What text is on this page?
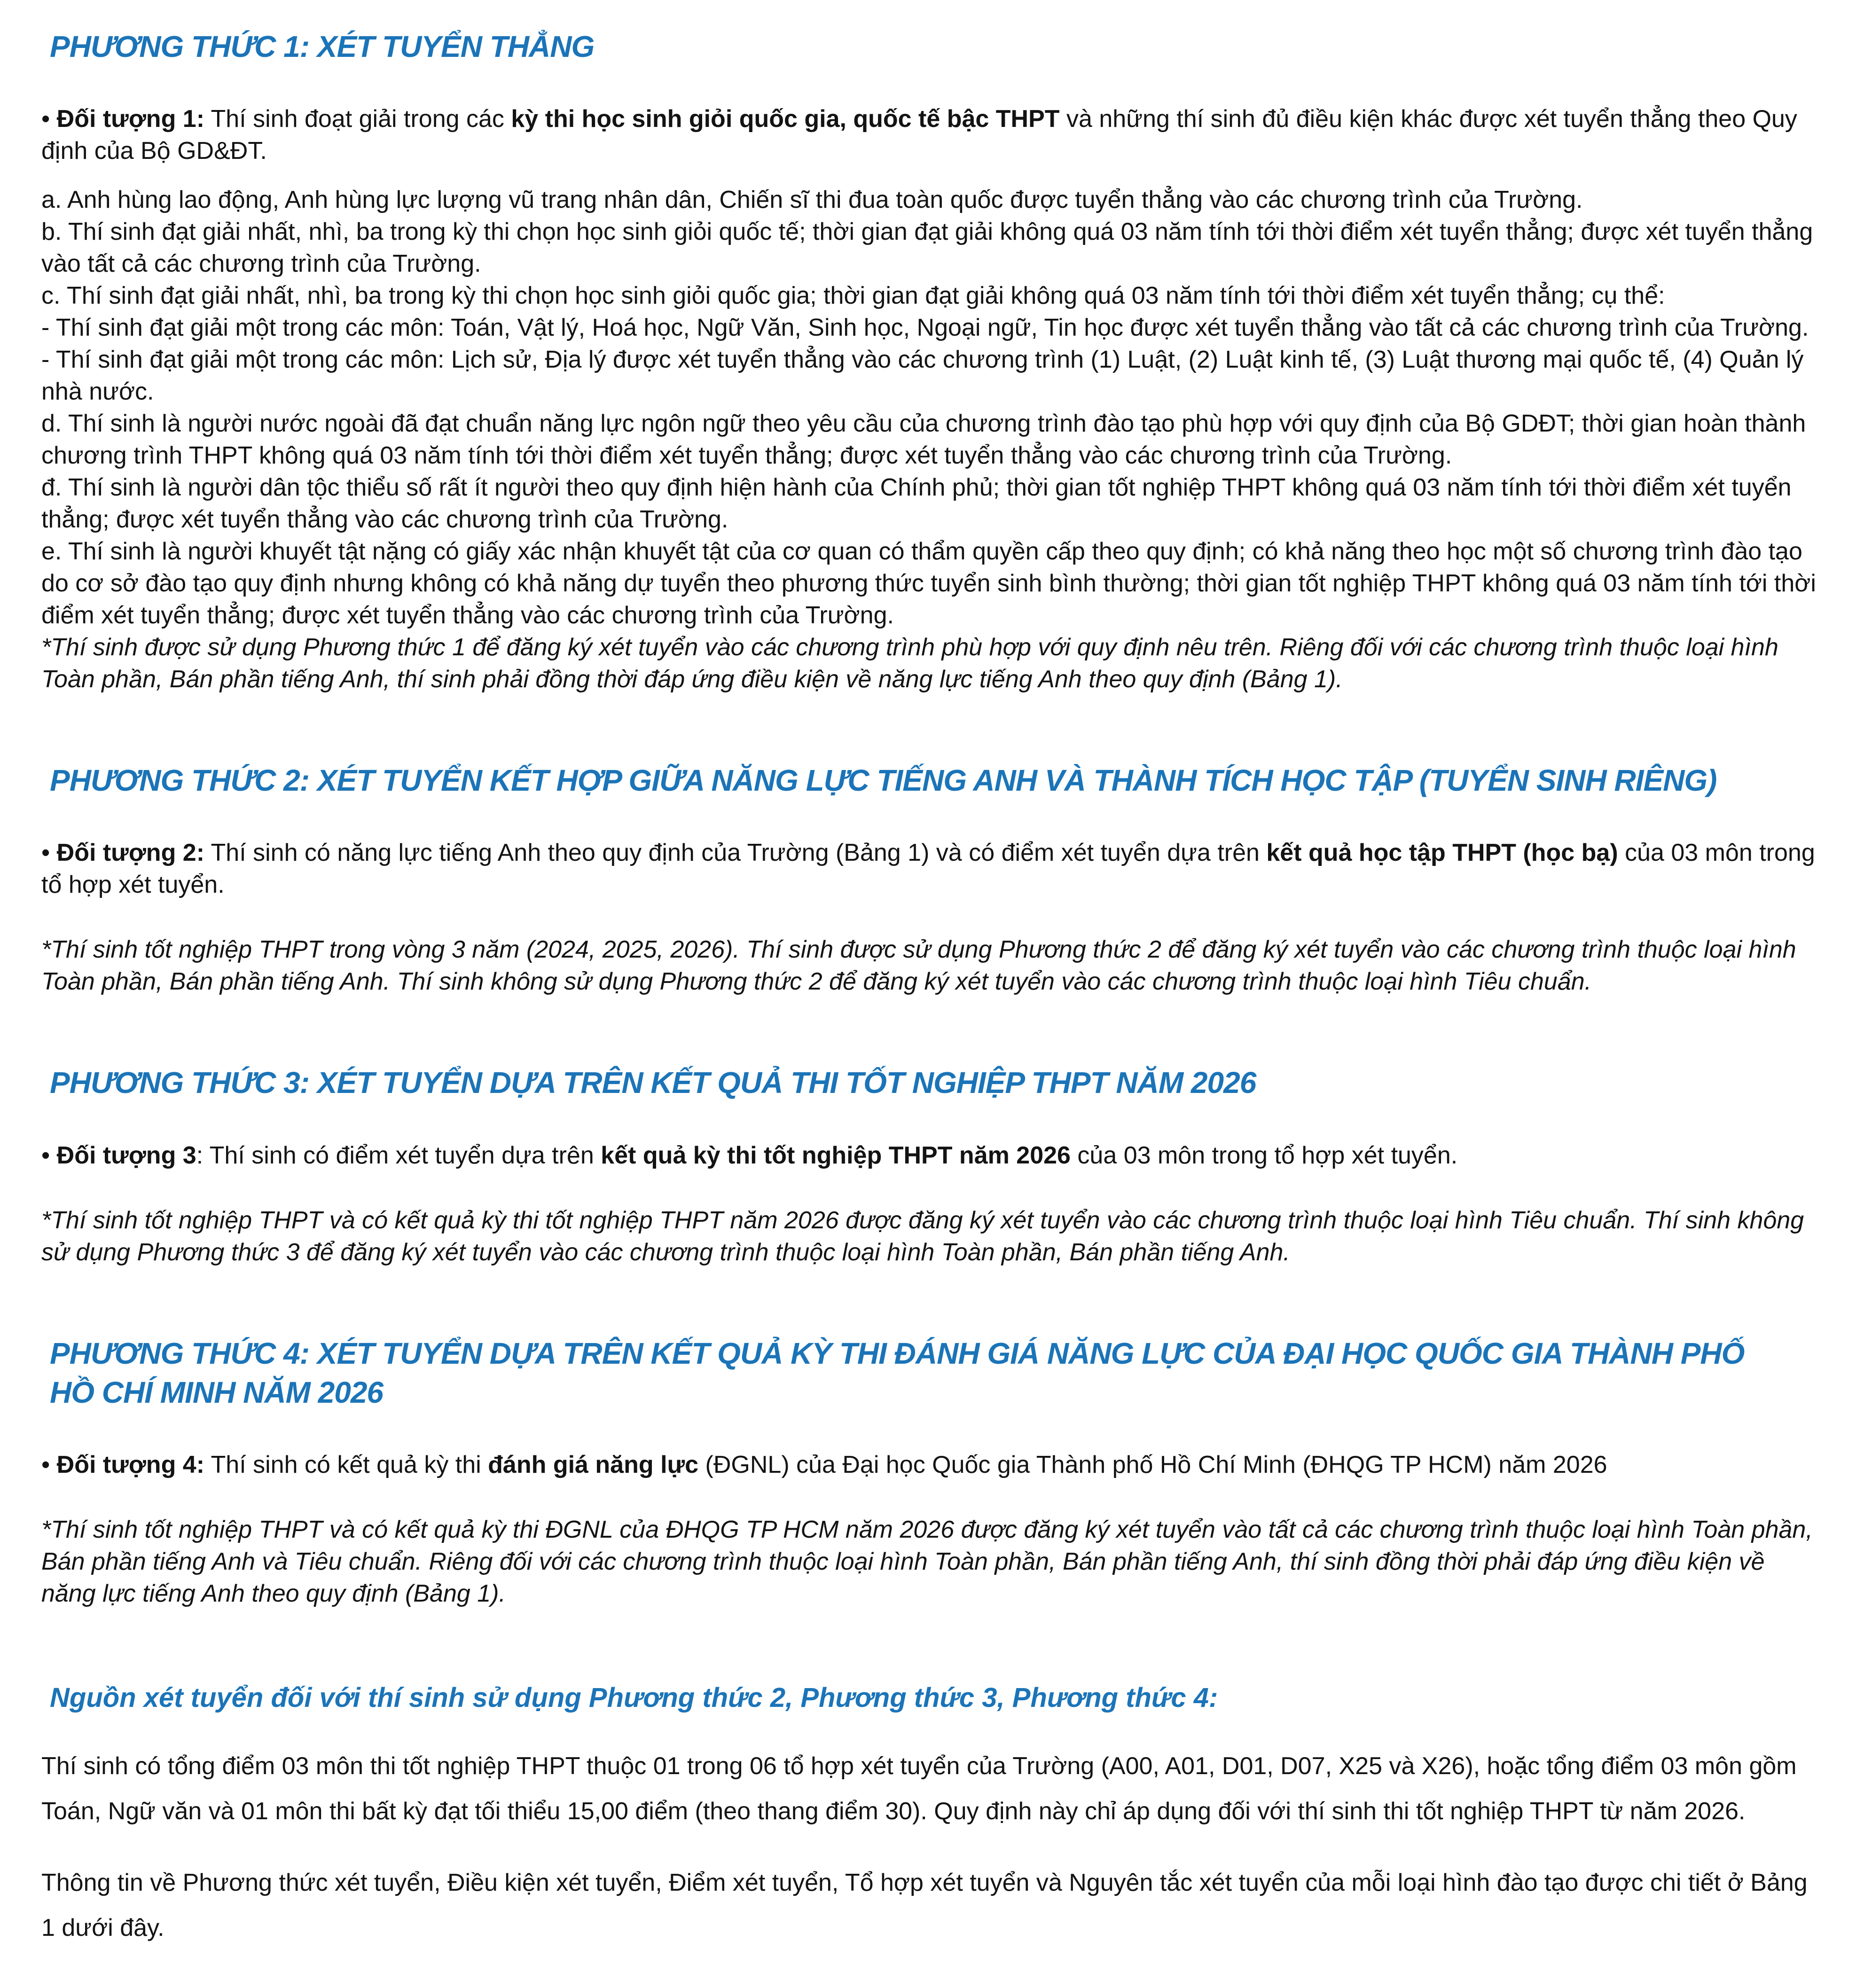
PHƯƠNG THỨC 1: XÉT TUYỂN THẲNG

• Đối tượng 1: Thí sinh đoạt giải trong các kỳ thi học sinh giỏi quốc gia, quốc tế bậc THPT và những thí sinh đủ điều kiện khác được xét tuyển thẳng theo Quy định của Bộ GD&ĐT.

a. Anh hùng lao động, Anh hùng lực lượng vũ trang nhân dân, Chiến sĩ thi đua toàn quốc được tuyển thẳng vào các chương trình của Trường.

b. Thí sinh đạt giải nhất, nhì, ba trong kỳ thi chọn học sinh giỏi quốc tế; thời gian đạt giải không quá 03 năm tính tới thời điểm xét tuyển thẳng; được xét tuyển thẳng vào tất cả các chương trình của Trường.

c. Thí sinh đạt giải nhất, nhì, ba trong kỳ thi chọn học sinh giỏi quốc gia; thời gian đạt giải không quá 03 năm tính tới thời điểm xét tuyển thẳng; cụ thể:

- Thí sinh đạt giải một trong các môn: Toán, Vật lý, Hoá học, Ngữ Văn, Sinh học, Ngoại ngữ, Tin học được xét tuyển thẳng vào tất cả các chương trình của Trường.

- Thí sinh đạt giải một trong các môn: Lịch sử, Địa lý được xét tuyển thẳng vào các chương trình (1) Luật, (2) Luật kinh tế, (3) Luật thương mại quốc tế, (4) Quản lý nhà nước.

d. Thí sinh là người nước ngoài đã đạt chuẩn năng lực ngôn ngữ theo yêu cầu của chương trình đào tạo phù hợp với quy định của Bộ GDĐT; thời gian hoàn thành chương trình THPT không quá 03 năm tính tới thời điểm xét tuyển thẳng; được xét tuyển thẳng vào các chương trình của Trường.

đ. Thí sinh là người dân tộc thiểu số rất ít người theo quy định hiện hành của Chính phủ; thời gian tốt nghiệp THPT không quá 03 năm tính tới thời điểm xét tuyển thẳng; được xét tuyển thẳng vào các chương trình của Trường.

e. Thí sinh là người khuyết tật nặng có giấy xác nhận khuyết tật của cơ quan có thẩm quyền cấp theo quy định; có khả năng theo học một số chương trình đào tạo do cơ sở đào tạo quy định nhưng không có khả năng dự tuyển theo phương thức tuyển sinh bình thường; thời gian tốt nghiệp THPT không quá 03 năm tính tới thời điểm xét tuyển thẳng; được xét tuyển thẳng vào các chương trình của Trường.

*Thí sinh được sử dụng Phương thức 1 để đăng ký xét tuyển vào các chương trình phù hợp với quy định nêu trên. Riêng đối với các chương trình thuộc loại hình Toàn phần, Bán phần tiếng Anh, thí sinh phải đồng thời đáp ứng điều kiện về năng lực tiếng Anh theo quy định (Bảng 1).

PHƯƠNG THỨC 2: XÉT TUYỂN KẾT HỢP GIỮA NĂNG LỰC TIẾNG ANH VÀ THÀNH TÍCH HỌC TẬP (TUYỂN SINH RIÊNG)

• Đối tượng 2: Thí sinh có năng lực tiếng Anh theo quy định của Trường (Bảng 1) và có điểm xét tuyển dựa trên kết quả học tập THPT (học bạ) của 03 môn trong tổ hợp xét tuyển.

*Thí sinh tốt nghiệp THPT trong vòng 3 năm (2024, 2025, 2026). Thí sinh được sử dụng Phương thức 2 để đăng ký xét tuyển vào các chương trình thuộc loại hình Toàn phần, Bán phần tiếng Anh. Thí sinh không sử dụng Phương thức 2 để đăng ký xét tuyển vào các chương trình thuộc loại hình Tiêu chuẩn.

PHƯƠNG THỨC 3: XÉT TUYỂN DỰA TRÊN KẾT QUẢ THI TỐT NGHIỆP THPT NĂM 2026

• Đối tượng 3: Thí sinh có điểm xét tuyển dựa trên kết quả kỳ thi tốt nghiệp THPT năm 2026 của 03 môn trong tổ hợp xét tuyển.

*Thí sinh tốt nghiệp THPT và có kết quả kỳ thi tốt nghiệp THPT năm 2026 được đăng ký xét tuyển vào các chương trình thuộc loại hình Tiêu chuẩn. Thí sinh không sử dụng Phương thức 3 để đăng ký xét tuyển vào các chương trình thuộc loại hình Toàn phần, Bán phần tiếng Anh.

PHƯƠNG THỨC 4: XÉT TUYỂN DỰA TRÊN KẾT QUẢ KỲ THI ĐÁNH GIÁ NĂNG LỰC CỦA ĐẠI HỌC QUỐC GIA THÀNH PHỐ HỒ CHÍ MINH NĂM 2026

• Đối tượng 4: Thí sinh có kết quả kỳ thi đánh giá năng lực (ĐGNL) của Đại học Quốc gia Thành phố Hồ Chí Minh (ĐHQG TP HCM) năm 2026

*Thí sinh tốt nghiệp THPT và có kết quả kỳ thi ĐGNL của ĐHQG TP HCM năm 2026 được đăng ký xét tuyển vào tất cả các chương trình thuộc loại hình Toàn phần, Bán phần tiếng Anh và Tiêu chuẩn. Riêng đối với các chương trình thuộc loại hình Toàn phần, Bán phần tiếng Anh, thí sinh đồng thời phải đáp ứng điều kiện về năng lực tiếng Anh theo quy định (Bảng 1).

Nguồn xét tuyển đối với thí sinh sử dụng Phương thức 2, Phương thức 3, Phương thức 4:

Thí sinh có tổng điểm 03 môn thi tốt nghiệp THPT thuộc 01 trong 06 tổ hợp xét tuyển của Trường (A00, A01, D01, D07, X25 và X26), hoặc tổng điểm 03 môn gồm Toán, Ngữ văn và 01 môn thi bất kỳ đạt tối thiểu 15,00 điểm (theo thang điểm 30). Quy định này chỉ áp dụng đối với thí sinh thi tốt nghiệp THPT từ năm 2026.

Thông tin về Phương thức xét tuyển, Điều kiện xét tuyển, Điểm xét tuyển, Tổ hợp xét tuyển và Nguyên tắc xét tuyển của mỗi loại hình đào tạo được chi tiết ở Bảng 1 dưới đây.
